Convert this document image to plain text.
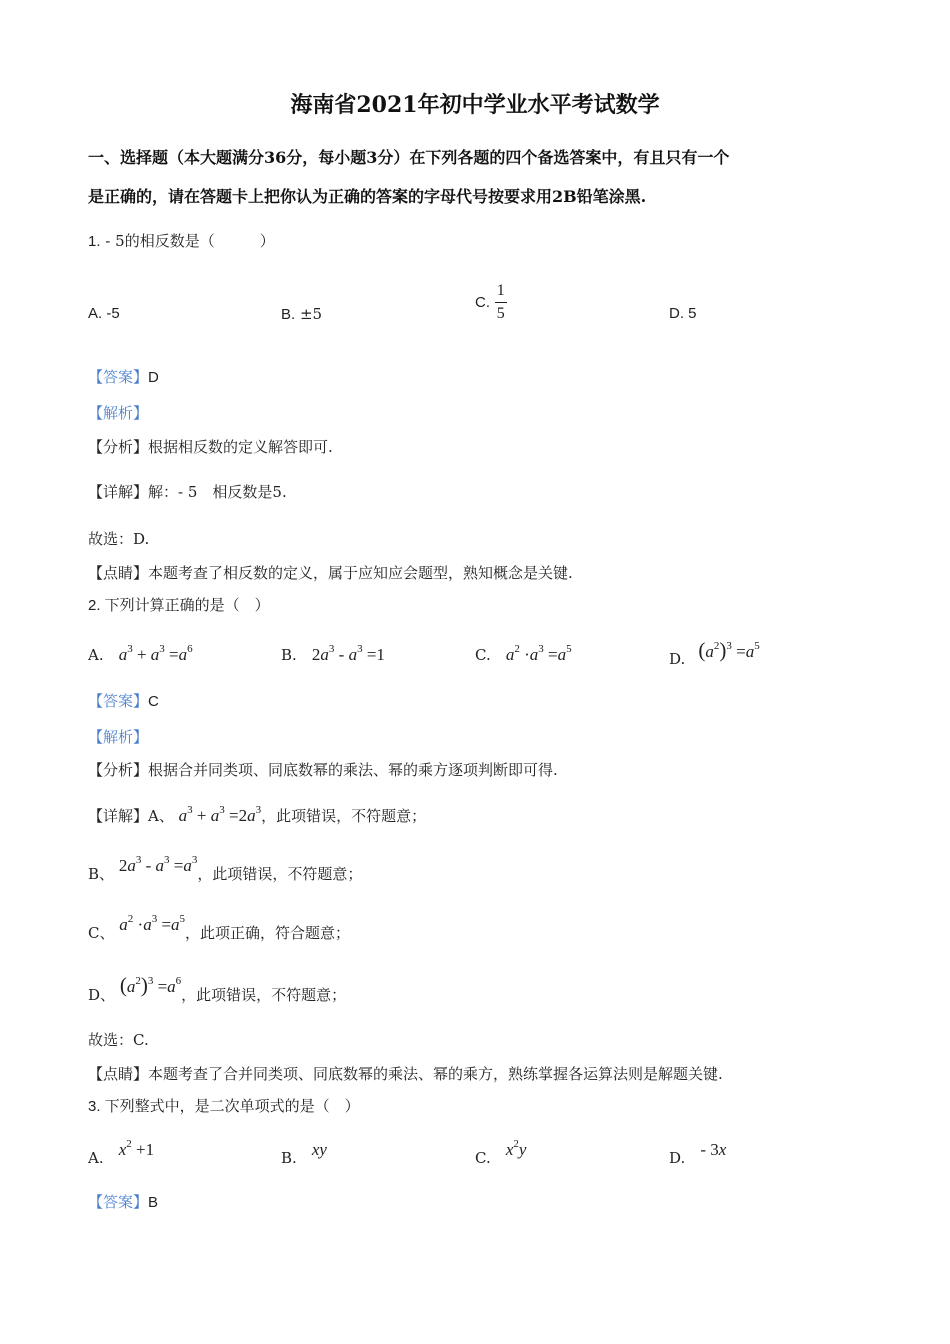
海南省2021年初中学业水平考试数学
一、选择题（本大题满分36分，每小题3分）在下列各题的四个备选答案中，有且只有一个
是正确的，请在答题卡上把你认为正确的答案的字母代号按要求用2B铅笔涂黑.
1. - 5的相反数是（　　　）
A. -5	B. ±5
C. $\frac{1}{5}$	D. 5
【答案】D
【解析】
【分析】根据相反数的定义解答即可.
【详解】解：- 5　相反数是5.
故选：D.
【点睛】本题考查了相反数的定义，属于应知应会题型，熟知概念是关键.
2. 下列计算正确的是（　）
A. $a^3 + a^3 =a^6$	B. $2a^3 - a^3 =1$	C. $a^2 \cdot a^3 =a^5$
D. $(a^2)^3 =a^5$
【答案】C
【解析】
【分析】根据合并同类项、同底数幂的乘法、幂的乘方逐项判断即可得.
【详解】A、 $a^3 + a^3 =2a^3$，此项错误，不符题意；
B、 $2a^3 - a^3 =a^3$，此项错误，不符题意；
C、 $a^2 \cdot a^3 =a^5$，此项正确，符合题意；
D、 $(a^2)^3 =a^6$，此项错误，不符题意；
故选：C.
【点睛】本题考查了合并同类项、同底数幂的乘法、幂的乘方，熟练掌握各运算法则是解题关键.
3. 下列整式中，是二次单项式的是（　）
A. $x^2 +1$	B. xy	C. $x^2y$	D. - 3x
【答案】B
